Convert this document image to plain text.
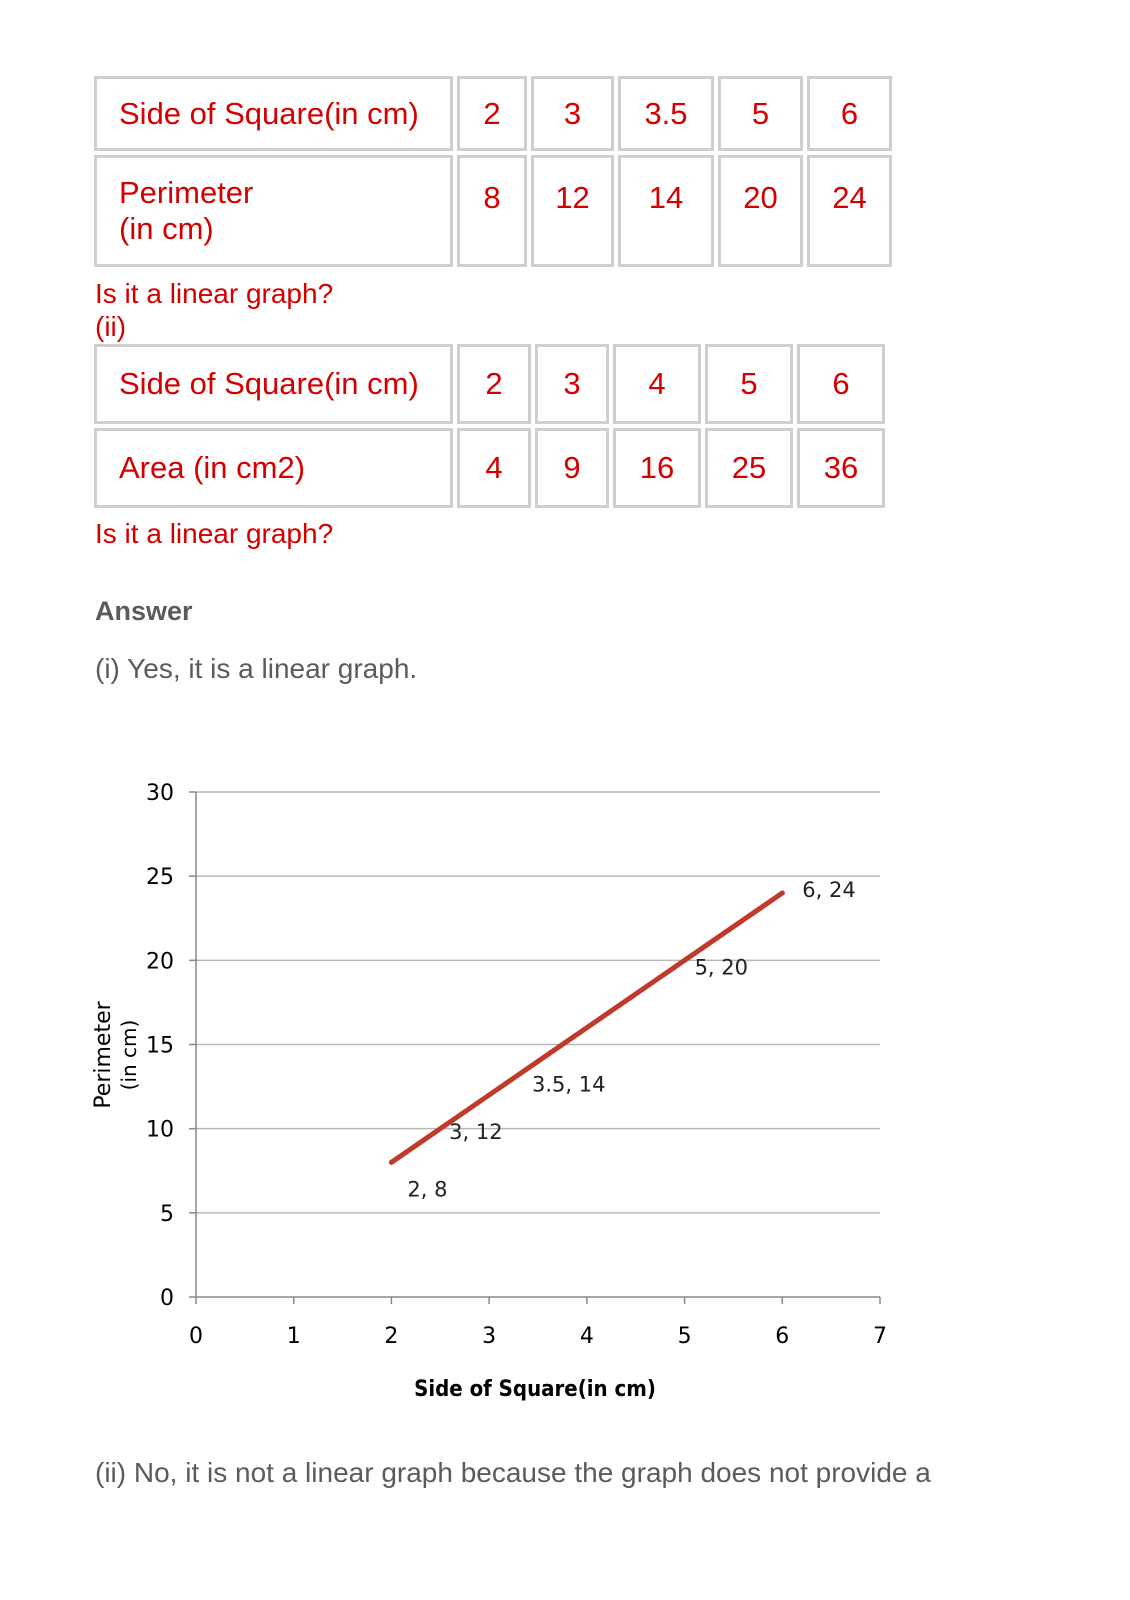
Side of Square(in cm)	2	3	3.5	5	6

Perimeter
(in cm)	8	12	14	20	24
Is it a linear graph?
(ii)
Side of Square(in cm)	2	3	4	5	6
Area (in cm2)	4	9	16	25	36
Is it a linear graph?
Answer
(i) Yes, it is a linear graph.
0
5
10
15
20
25
30
0	1	2	3	4	5	6	7
2, 8
3, 12
3.5, 14
5, 20
6, 24
Side of Square(in cm)
Perimeter (in cm)
(ii) No, it is not a linear graph because the graph does not provide a
